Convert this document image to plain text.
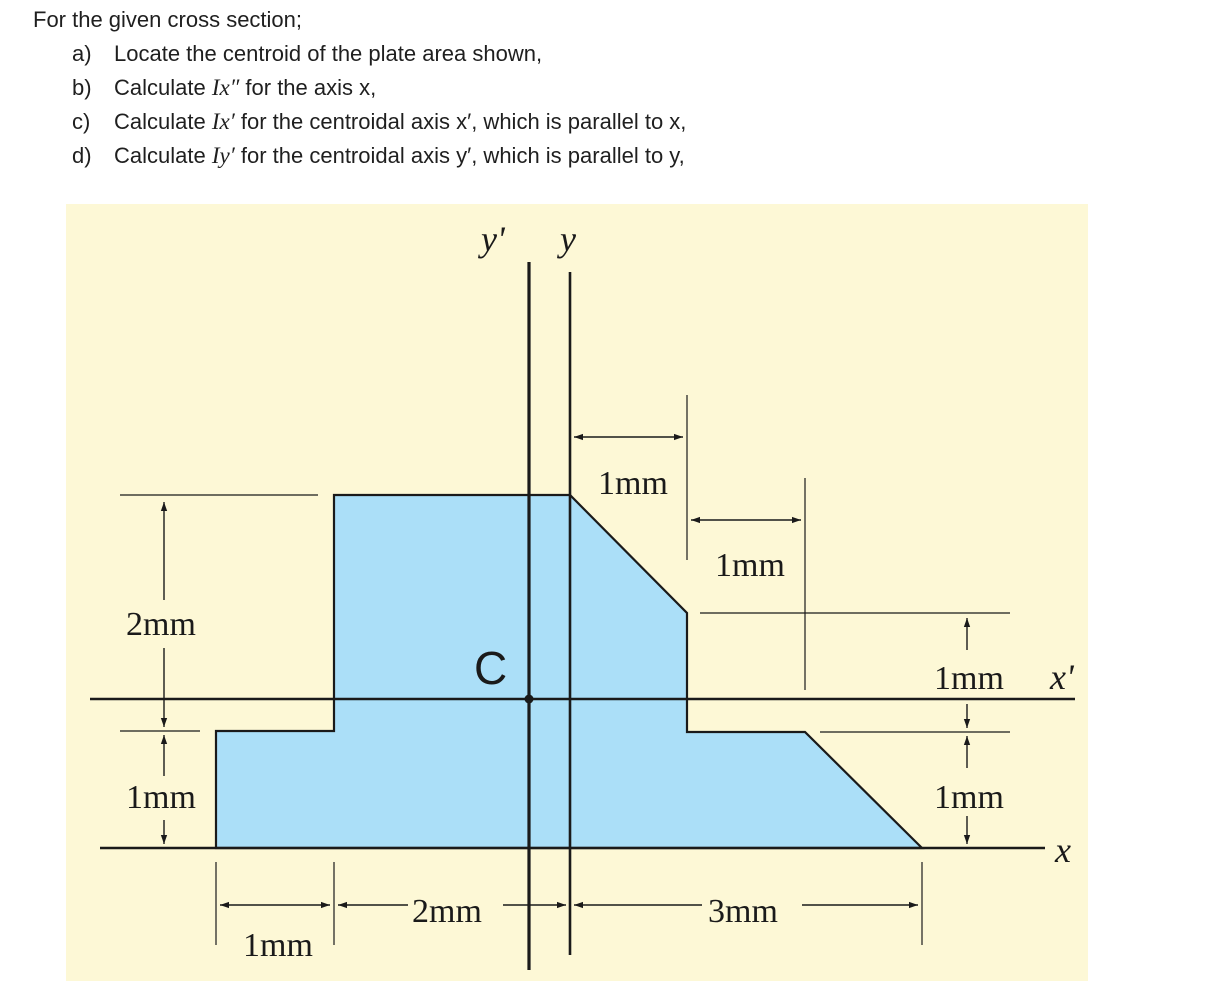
For the given cross section;
a) Locate the centroid of the plate area shown,
b) Calculate Ix″ for the axis x,
c) Calculate Ix′ for the centroidal axis x′, which is parallel to x,
d) Calculate Iy′ for the centroidal axis y′, which is parallel to y,
y' y
x'
x
C
2mm
1mm
1mm
1mm
1mm
1mm
1mm
2mm	3mm
